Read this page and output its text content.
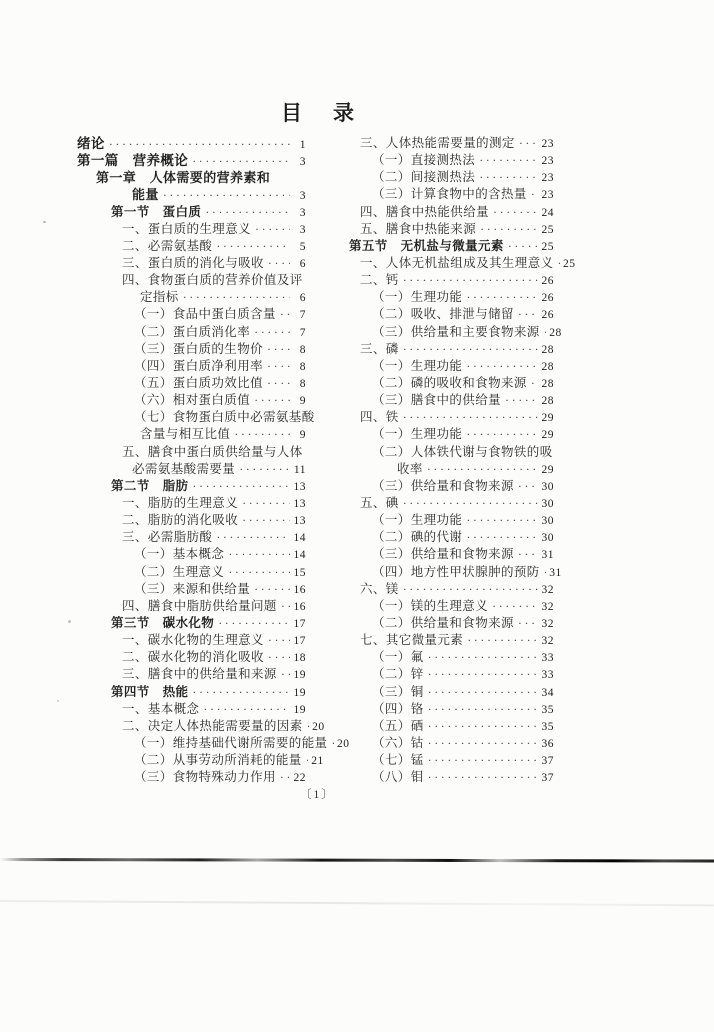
目录
绪论 ·····	1
第一篇　营养概论 ·····	3
第一章　人体需要的营养素和
能量 ·····	3
第一节　蛋白质 ·····	3
一、蛋白质的生理意义 ·····	3
二、必需氨基酸 ·····	5
三、蛋白质的消化与吸收 ·····	6
四、食物蛋白质的营养价值及评
定指标 ·····	6
（一）食品中蛋白质含量 ·····	7
（二）蛋白质消化率 ·····	7
（三）蛋白质的生物价 ·····	8
（四）蛋白质净利用率 ·····	8
（五）蛋白质功效比值 ·····	8
（六）相对蛋白质值 ·····	9
（七）食物蛋白质中必需氨基酸
含量与相互比值 ·····	9
五、膳食中蛋白质供给量与人体
必需氨基酸需要量 ·····	11
第二节　脂肪 ·····	13
一、脂肪的生理意义 ·····	13
二、脂肪的消化吸收 ·····	13
三、必需脂肪酸 ·····	14
（一）基本概念 ·····	14
（二）生理意义 ·····	15
（三）来源和供给量 ·····	16
四、膳食中脂肪供给量问题 ·····	16
第三节　碳水化物 ·····	17
一、碳水化物的生理意义 ·····	17
二、碳水化物的消化吸收 ·····	18
三、膳食中的供给量和来源 ·····	19
第四节　热能 ·····	19
一、基本概念 ·····	19
二、决定人体热能需要量的因素 ····· 20
（一）维持基础代谢所需要的能量 ····· 20
（二）从事劳动所消耗的能量 ····· 21
（三）食物特殊动力作用 ·····	22
三、人体热能需要量的测定 ·····	23
（一）直接测热法 ·····	23
（二）间接测热法 ·····	23
（三）计算食物中的含热量 ·····	23
四、膳食中热能供给量 ·····	24
五、膳食中热能来源 ·····	25
第五节　无机盐与微量元素 ·····	25
一、人体无机盐组成及其生理意义 ····· 25
二、钙 ·····	26
（一）生理功能 ·····	26
（二）吸收、排泄与储留 ·····	26
（三）供给量和主要食物来源 ····· 28
三、磷 ·····	28
（一）生理功能 ·····	28
（二）磷的吸收和食物来源 ·····	28
（三）膳食中的供给量 ·····	28
四、铁 ·····	29
（一）生理功能 ·····	29
（二）人体铁代谢与食物铁的吸
收率 ·····	29
（三）供给量和食物来源 ·····	30
五、碘 ·····	30
（一）生理功能 ·····	30
（二）碘的代谢 ·····	30
（三）供给量和食物来源 ·····	31
（四）地方性甲状腺肿的预防 ····· 31
六、镁 ·····	32
（一）镁的生理意义 ·····	32
（二）供给量和食物来源 ·····	32
七、其它微量元素 ·····	32
（一）氟 ·····	33
（二）锌 ·····	33
（三）铜 ·····	34
（四）铬 ·····	35
（五）硒 ·····	35
（六）钴 ·····	36
（七）锰 ·····	37
（八）钼 ·····	37
〔1〕
